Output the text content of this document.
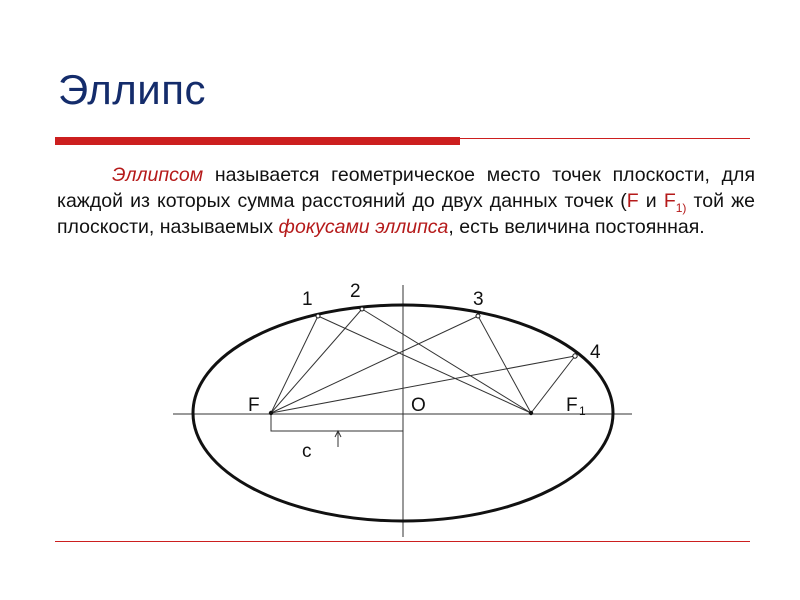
Эллипс

Эллипсом называется геометрическое место точек плоскости, для каждой из которых сумма расстояний до двух данных точек (F и $F_{1)}$ той же плоскости, называемых фокусами эллипса, есть величина постоянная.

F	O	F 1
c
1 2	3
4
